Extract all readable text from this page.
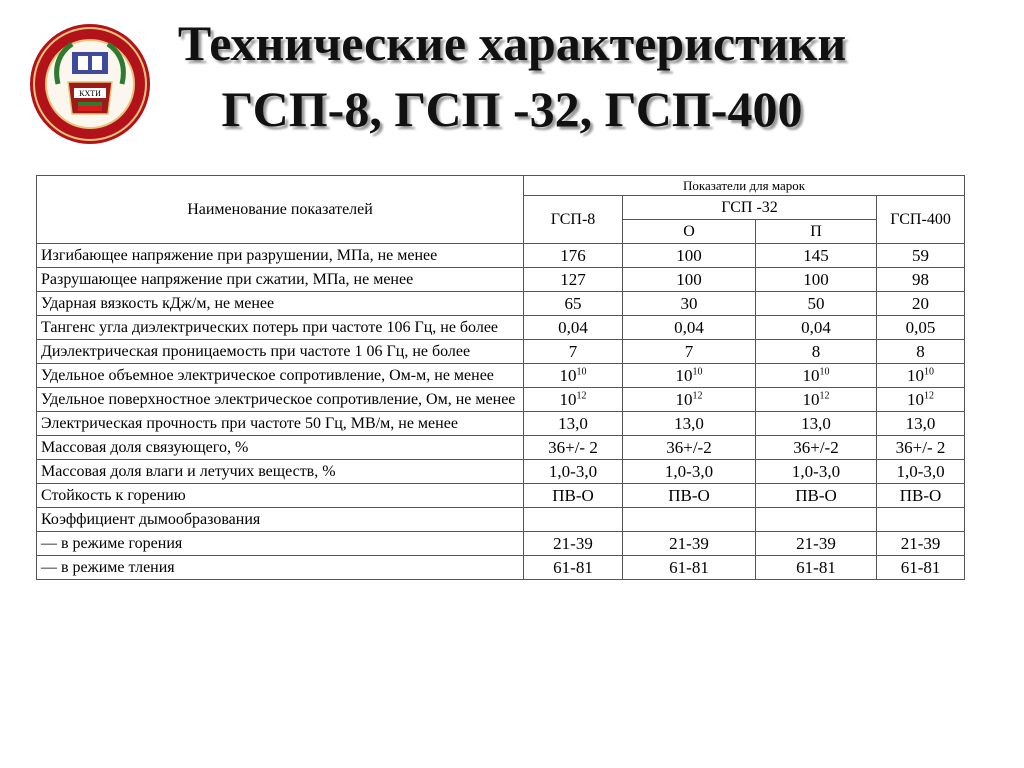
КХТИ
Технические характеристики
ГСП-8, ГСП -32, ГСП-400
Наименование показателей	Показатели для марок			
	ГСП-8	ГСП -32		ГСП-400
		О	П	
Изгибающее напряжение при разрушении, МПа, не менее	176	100	145	59
Разрушающее напряжение при сжатии, МПа, не менее	127	100	100	98
Ударная вязкость кДж/м, не менее	65	30	50	20
Тангенс угла диэлектрических потерь при частоте 106 Гц, не более	0,04	0,04	0,04	0,05
Диэлектрическая проницаемость при частоте 1 06 Гц, не более	7	7	8	8
Удельное объемное электрическое сопротивление, Ом-м, не менее	$10^{10}$	$10^{10}$	$10^{10}$	$10^{10}$
Удельное поверхностное электрическое сопротивление, Ом, не менее	$10^{12}$	$10^{12}$	$10^{12}$	$10^{12}$
Электрическая прочность при частоте 50 Гц, МВ/м, не менее	13,0	13,0	13,0	13,0
Массовая доля связующего, %	36+/- 2	36+/-2	36+/-2	36+/- 2
Массовая доля влаги и летучих веществ, %	1,0-3,0	1,0-3,0	1,0-3,0	1,0-3,0
Стойкость к горению	ПВ-О	ПВ-О	ПВ-О	ПВ-О
Коэффициент дымообразования				
— в режиме горения	21-39	21-39	21-39	21-39
— в режиме тления	61-81	61-81	61-81	61-81
